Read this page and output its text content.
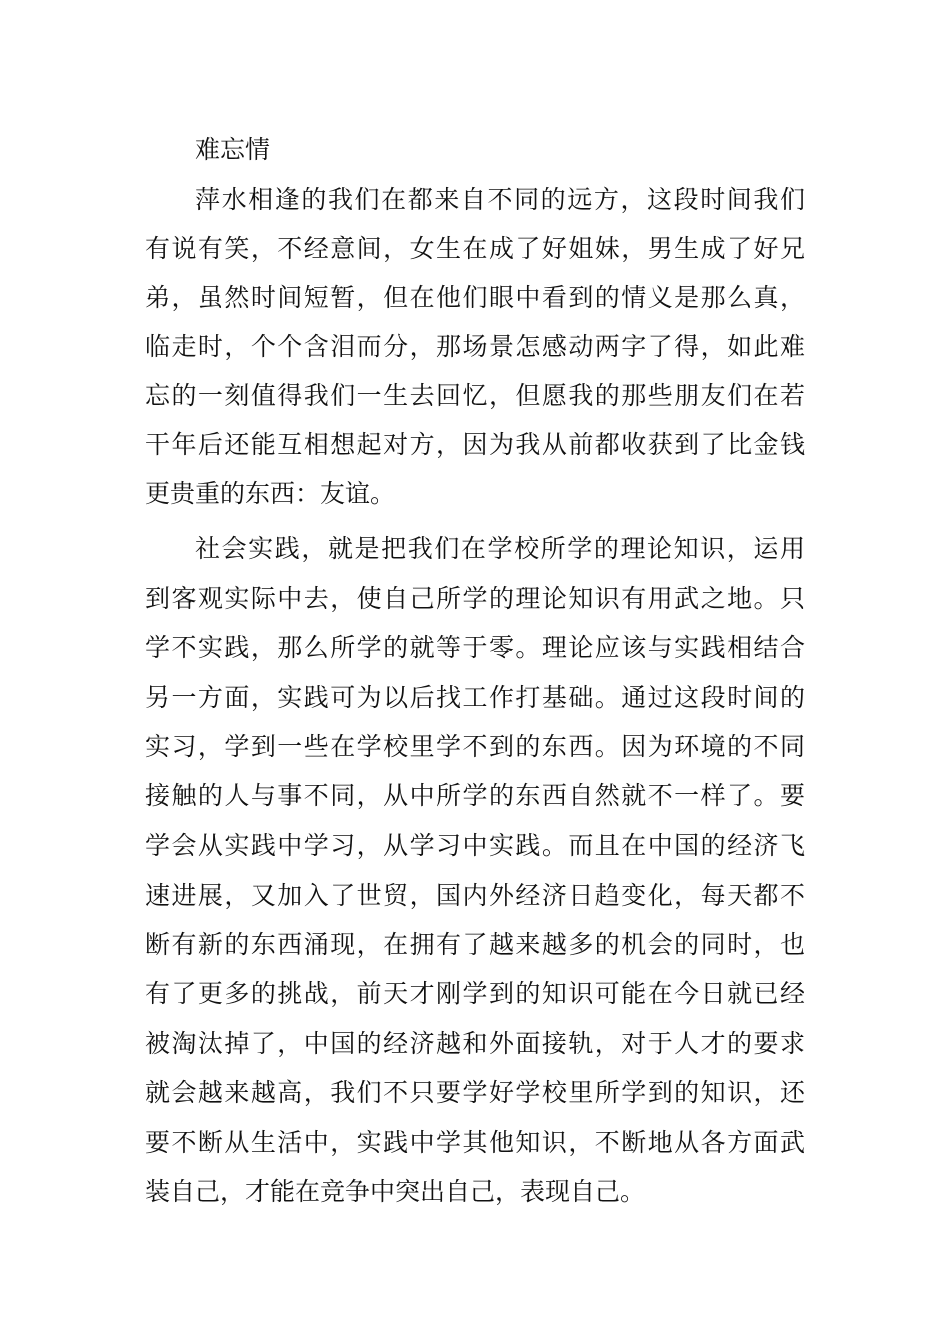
难忘情
萍水相逢的我们在都来自不同的远方，这段时间我们
有说有笑，不经意间，女生在成了好姐妹，男生成了好兄
弟，虽然时间短暂，但在他们眼中看到的情义是那么真，
临走时，个个含泪而分，那场景怎感动两字了得，如此难
忘的一刻值得我们一生去回忆，但愿我的那些朋友们在若
干年后还能互相想起对方，因为我从前都收获到了比金钱
更贵重的东西：友谊。
社会实践，就是把我们在学校所学的理论知识，运用
到客观实际中去，使自己所学的理论知识有用武之地。只
学不实践，那么所学的就等于零。理论应该与实践相结合
另一方面，实践可为以后找工作打基础。通过这段时间的
实习，学到一些在学校里学不到的东西。因为环境的不同
接触的人与事不同，从中所学的东西自然就不一样了。要
学会从实践中学习，从学习中实践。而且在中国的经济飞
速进展，又加入了世贸，国内外经济日趋变化，每天都不
断有新的东西涌现，在拥有了越来越多的机会的同时，也
有了更多的挑战，前天才刚学到的知识可能在今日就已经
被淘汰掉了，中国的经济越和外面接轨，对于人才的要求
就会越来越高，我们不只要学好学校里所学到的知识，还
要不断从生活中，实践中学其他知识，不断地从各方面武
装自己，才能在竞争中突出自己，表现自己。
